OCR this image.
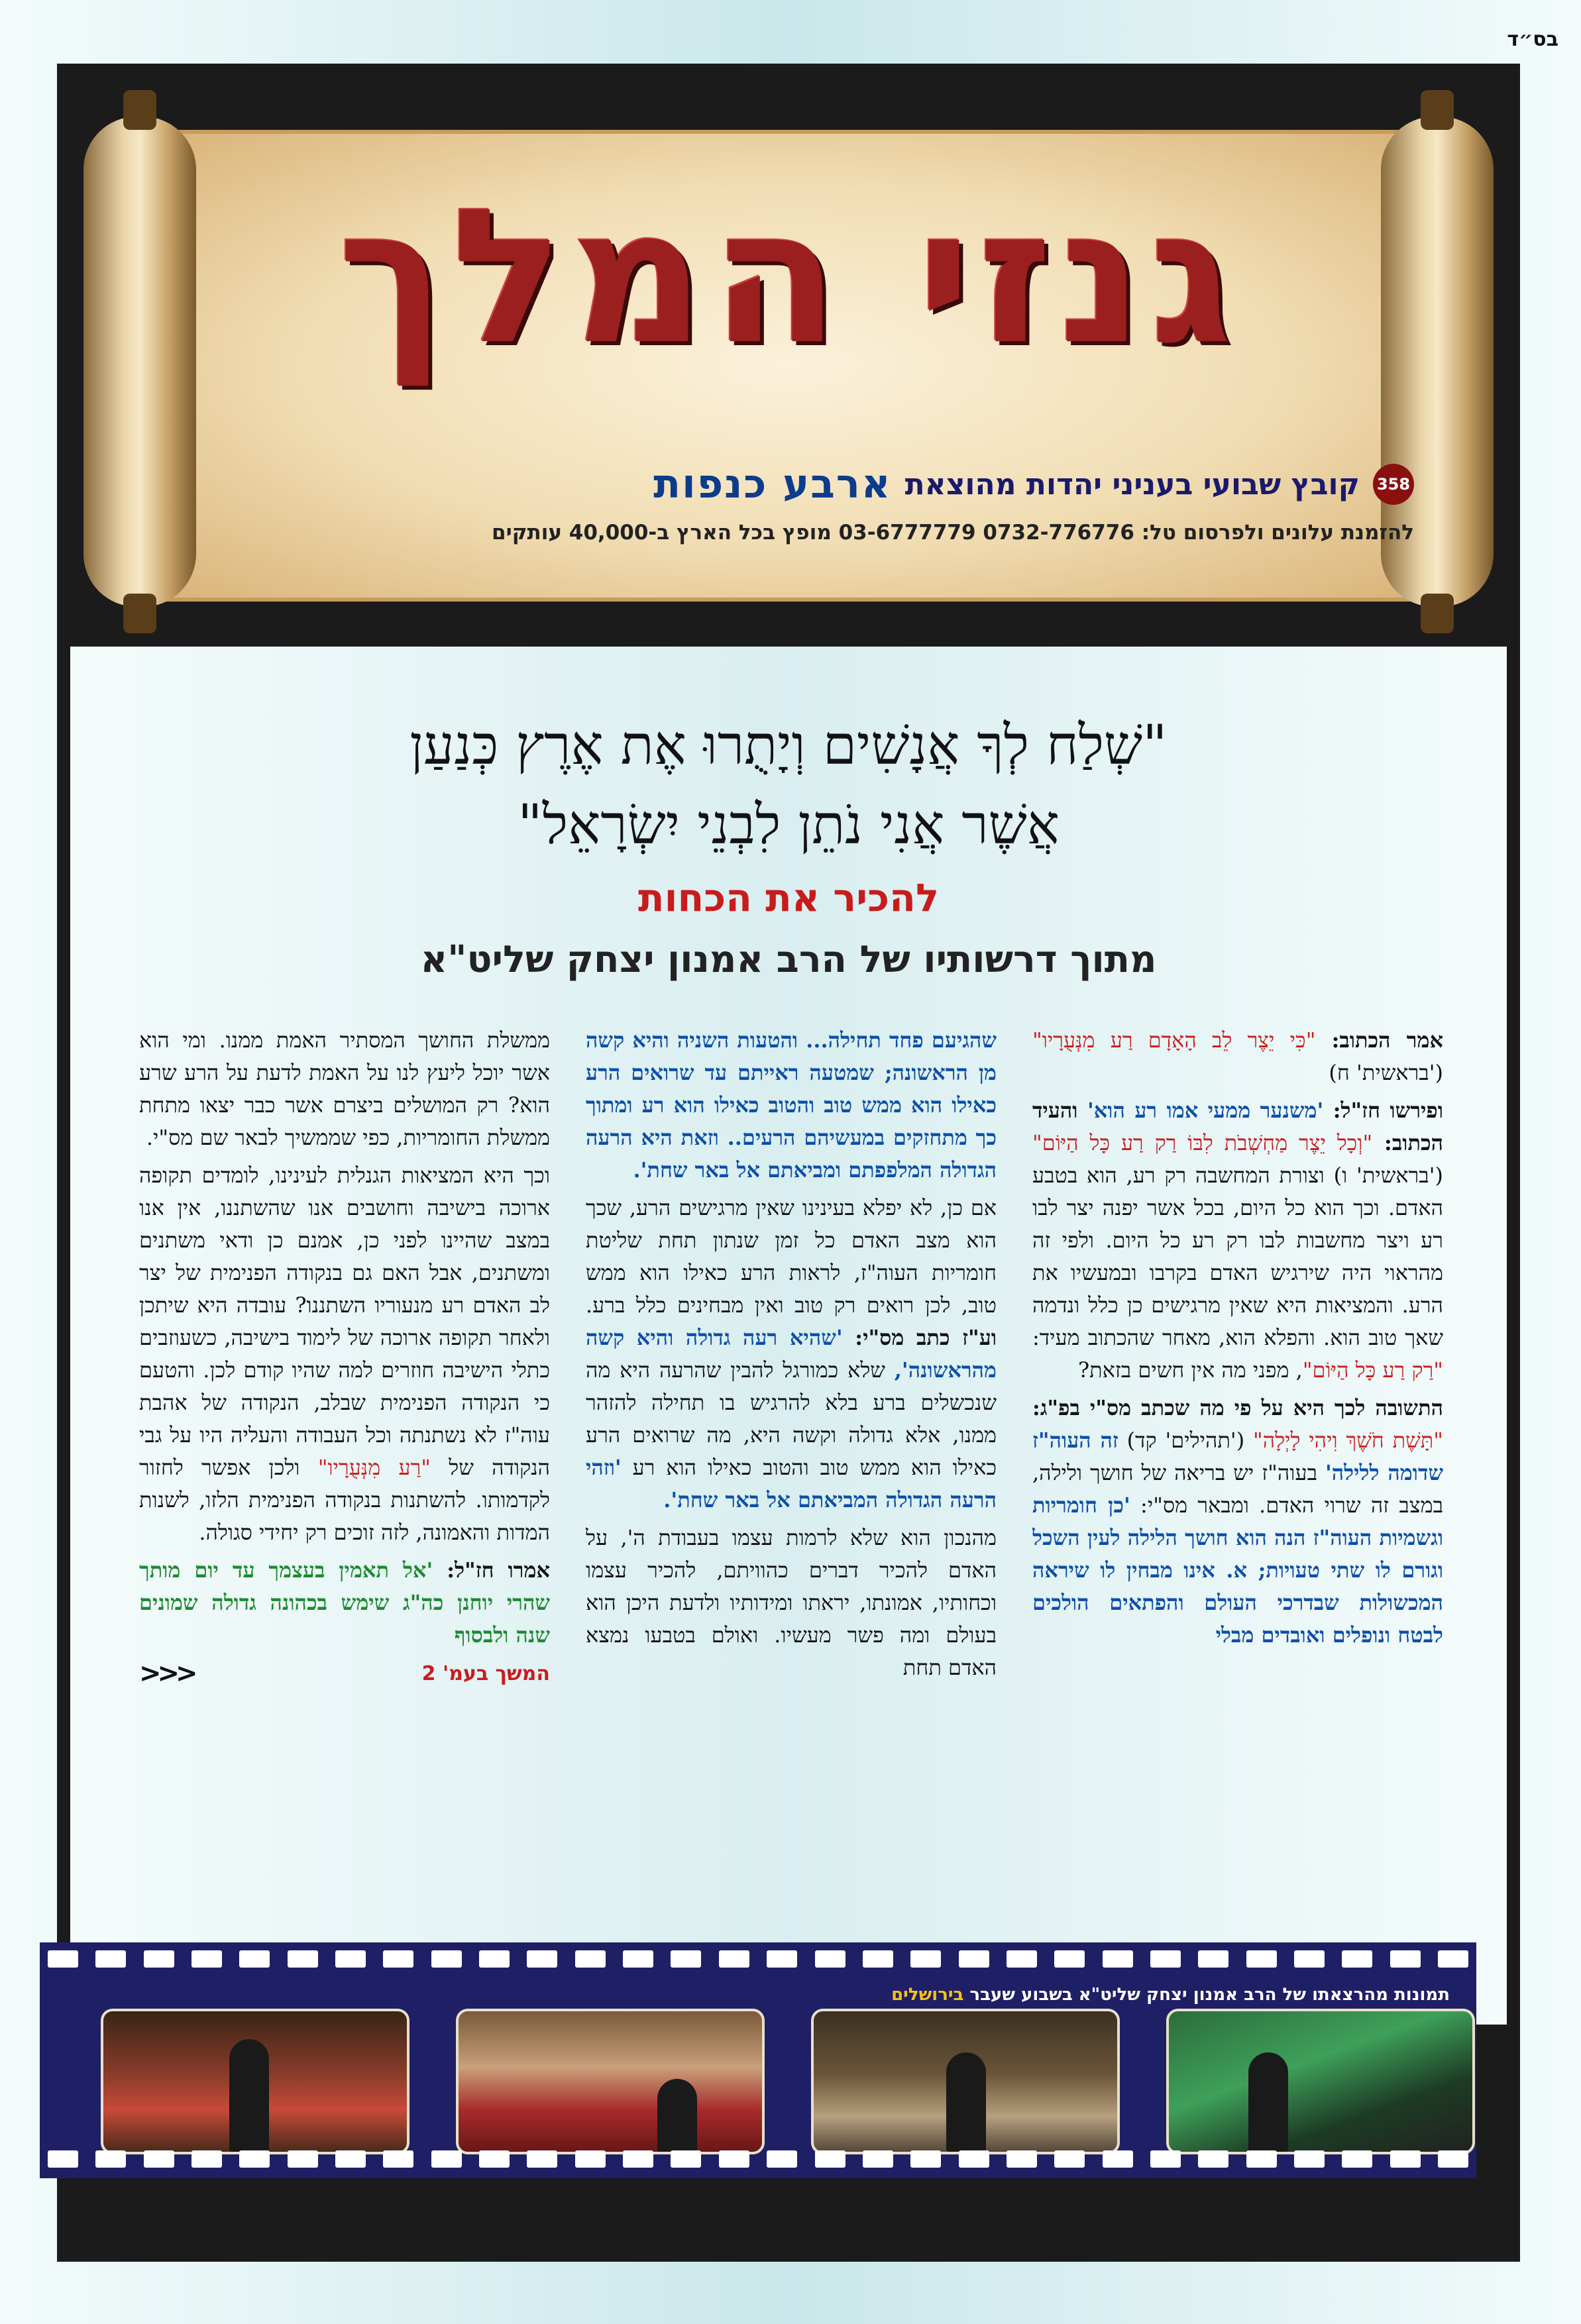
בס״ד
גנזי המלך
358
קובץ שבועי בעניני יהדות מהוצאת
ארבע כנפות
להזמנת עלונים ולפרסום טל: 0732-776776 03-6777779 מופץ בכל הארץ ב-40,000 עותקים
"שְׁלַח לְךָ אֲנָשִׁים וְיָתֻרוּ אֶת אֶרֶץ כְּנַעַן
אֲשֶׁר אֲנִי נֹתֵן לִבְנֵי יִשְׂרָאֵל"
להכיר את הכחות
מתוך דרשותיו של הרב אמנון יצחק שליט"א

אמר הכתוב: "כִּי יֵצֶר לֵב הָאָדָם רַע מִנְּעֻרָיו" ('בראשית' ח)

ופירשו חז"ל: 'משנער ממעי אמו רע הוא' והעיד הכתוב: "וְכָל יֵצֶר מַחְשְׁבֹת לִבּוֹ רַק רַע כָּל הַיּוֹם" ('בראשית' ו) וצורת המחשבה רק רע, הוא בטבע האדם. וכך הוא כל היום, בכל אשר יפנה יצר לבו רע ויצר מחשבות לבו רק רע כל היום. ולפי זה מהראוי היה שירגיש האדם בקרבו ובמעשיו את הרע. והמציאות היא שאין מרגישים כן כלל ונדמה שאך טוב הוא. והפלא הוא, מאחר שהכתוב מעיד: "רַק רַע כָּל הַיּוֹם", מפני מה אין חשים בזאת?

התשובה לכך היא על פי מה שכתב מס"י בפ"ג: "תָּשֶׁת חֹשֶׁךְ וִיהִי לָיְלָה" ('תהילים' קד) זה העוה"ז שדומה ללילה' בעוה"ז יש בריאה של חושך ולילה, במצב זה שרוי האדם. ומבאר מס"י: 'כן חומריות וגשמיות העוה"ז הנה הוא חושך הלילה לעין השכל וגורם לו שתי טעויות; א. אינו מבחין לו שיראה המכשולות שבדרכי העולם והפתאים הולכים לבטח ונופלים ואובדים מבלי

שהגיעם פחד תחילה... והטעות השניה והיא קשה מן הראשונה; שמטעה ראייתם עד שרואים הרע כאילו הוא ממש טוב והטוב כאילו הוא רע ומתוך כך מתחזקים במעשיהם הרעים.. וזאת היא הרעה הגדולה המלפפתם ומביאתם אל באר שחת'.

אם כן, לא יפלא בעינינו שאין מרגישים הרע, שכך הוא מצב האדם כל זמן שנתון תחת שליטת חומריות העוה"ז, לראות הרע כאילו הוא ממש טוב, לכן רואים רק טוב ואין מבחינים כלל ברע. וע"ז כתב מס"י: 'שהיא רעה גדולה והיא קשה מהראשונה', שלא כמורגל להבין שהרעה היא מה שנכשלים ברע בלא להרגיש בו תחילה להזהר ממנו, אלא גדולה וקשה היא, מה שרואים הרע כאילו הוא ממש טוב והטוב כאילו הוא רע 'וזהי הרעה הגדולה המביאתם אל באר שחת'.

מהנכון הוא שלא לרמות עצמו בעבודת ה', על האדם להכיר דברים כהוויתם, להכיר עצמו וכחותיו, אמונתו, יראתו ומידותיו ולדעת היכן הוא בעולם ומה פשר מעשיו. ואולם בטבעו נמצא האדם תחת

ממשלת החושך המסתיר האמת ממנו. ומי הוא אשר יוכל ליעץ לנו על האמת לדעת על הרע שרע הוא? רק המושלים ביצרם אשר כבר יצאו מתחת ממשלת החומריות, כפי שממשיך לבאר שם מס"י.

וכך היא המציאות הגנלית לעינינו, לומדים תקופה ארוכה בישיבה וחושבים אנו שהשתננו, אין אנו במצב שהיינו לפני כן, אמנם כן ודאי משתנים ומשתנים, אבל האם גם בנקודה הפנימית של יצר לב האדם רע מנעוריו השתננו? עובדה היא שיתכן ולאחר תקופה ארוכה של לימוד בישיבה, כשעוזבים כתלי הישיבה חוזרים למה שהיו קודם לכן. והטעם כי הנקודה הפנימית שבלב, הנקודה של אהבת עוה"ז לא נשתנתה וכל העבודה והעליה היו על גבי הנקודה של "רַע מִנְּעֻרָיו" ולכן אפשר לחזור לקדמותו. להשתנות בנקודה הפנימית הלזו, לשנות המדות והאמונה, לזה זוכים רק יחידי סגולה.

אמרו חז"ל: 'אל תאמין בעצמך עד יום מותך שהרי יוחנן כה"ג שימש בכהונה גדולה שמונים שנה ולבסוף

המשך בעמ' 2
<<<
תמונות מהרצאתו של הרב אמנון יצחק שליט"א בשבוע שעבר בירושלים
